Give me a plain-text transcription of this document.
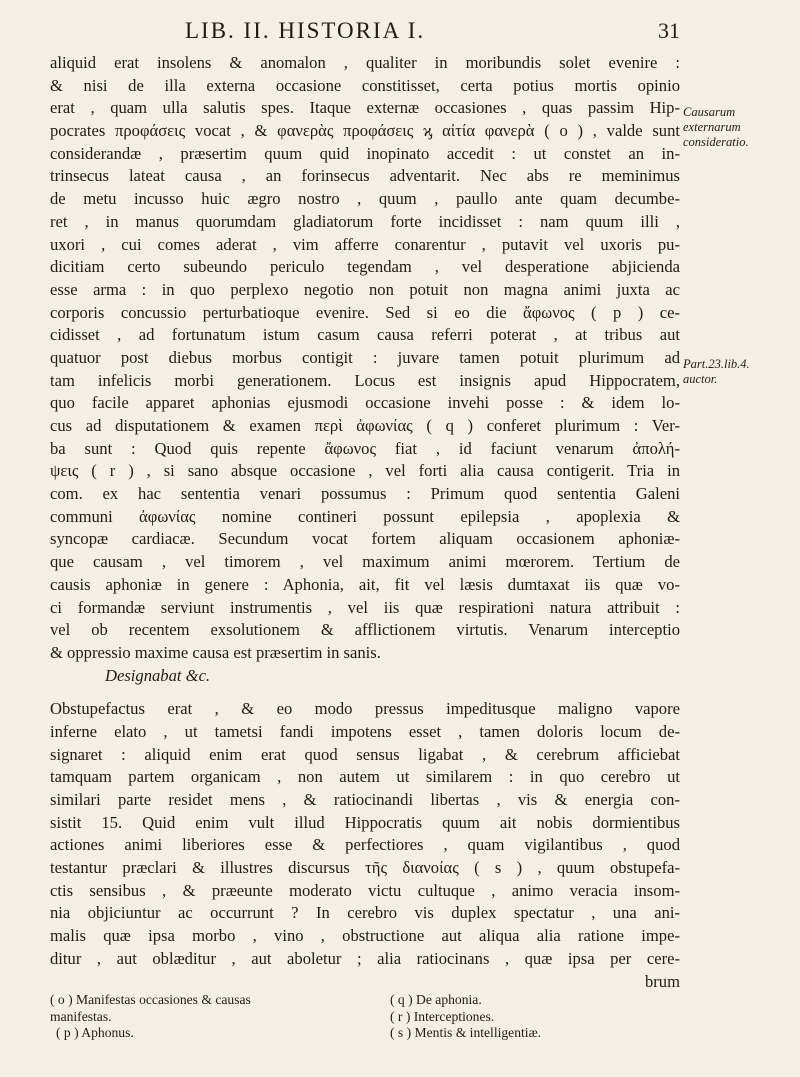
LIB. II. HISTORIA I.	31
aliquid erat insolens & anomalon , qualiter in moribundis solet evenire :
& nisi de illa externa occasione constitisset, certa potius mortis opinio
erat , quam ulla salutis spes. Itaque externæ occasiones , quas passim Hip-
pocrates προφάσεις vocat , & φανερὰς προφάσεις ϗ αἰτία φανερὰ ( o ) , valde sunt
considerandæ , præsertim quum quid inopinato accedit : ut constet an in-
trinsecus lateat causa , an forinsecus adventarit. Nec abs re meminimus
de metu incusso huic ægro nostro , quum , paullo ante quam decumbe-
ret , in manus quorumdam gladiatorum forte incidisset : nam quum illi ,
uxori , cui comes aderat , vim afferre conarentur , putavit vel uxoris pu-
dicitiam certo subeundo periculo tegendam , vel desperatione abjicienda
esse arma : in quo perplexo negotio non potuit non magna animi juxta ac
corporis concussio perturbatioque evenire. Sed si eo die ἄφωνος ( p ) ce-
cidisset , ad fortunatum istum casum causa referri poterat , at tribus aut
quatuor post diebus morbus contigit : juvare tamen potuit plurimum ad
tam infelicis morbi generationem. Locus est insignis apud Hippocratem,
quo facile apparet aphonias ejusmodi occasione invehi posse : & idem lo-
cus ad disputationem & examen περὶ ἀφωνίας ( q ) conferet plurimum : Ver-
ba sunt : Quod quis repente ἄφωνος fiat , id faciunt venarum ἀπολή-
ψεις ( r ) , si sano absque occasione , vel forti alia causa contigerit. Tria in
com. ex hac sententia venari possumus : Primum quod sententia Galeni
communi ἀφωνίας nomine contineri possunt epilepsia , apoplexia &
syncopæ cardiacæ. Secundum vocat fortem aliquam occasionem aphoniæ-
que causam , vel timorem , vel maximum animi mœrorem. Tertium de
causis aphoniæ in genere : Aphonia, ait, fit vel læsis dumtaxat iis quæ vo-
ci formandæ serviunt instrumentis , vel iis quæ respirationi natura attribuit :
vel ob recentem exsolutionem & afflictionem virtutis. Venarum interceptio
& oppressio maxime causa est præsertim in sanis.
Designabat &c.
Obstupefactus erat , & eo modo pressus impeditusque maligno vapore
inferne elato , ut tametsi fandi impotens esset , tamen doloris locum de-
signaret : aliquid enim erat quod sensus ligabat , & cerebrum afficiebat
tamquam partem organicam , non autem ut similarem : in quo cerebro ut
similari parte residet mens , & ratiocinandi libertas , vis & energia con-
sistit 15. Quid enim vult illud Hippocratis quum ait nobis dormientibus
actiones animi liberiores esse & perfectiores , quam vigilantibus , quod
testantur præclari & illustres discursus τῆς διανοίας ( s ) , quum obstupefa-
ctis sensibus , & præeunte moderato victu cultuque , animo veracia insom-
nia objiciuntur ac occurrunt ? In cerebro vis duplex spectatur , una ani-
malis quæ ipsa morbo , vino , obstructione aut aliqua alia ratione impe-
ditur , aut oblæditur , aut aboletur ; alia ratiocinans , quæ ipsa per cere-
brum
Causarum
externarum
consideratio.
Part.23.lib.4.
auctor.
( o ) Manifestas occasiones & causas
manifestas.
( p ) Aphonus.
( q ) De aphonia.
( r ) Interceptiones.
( s ) Mentis & intelligentiæ.
